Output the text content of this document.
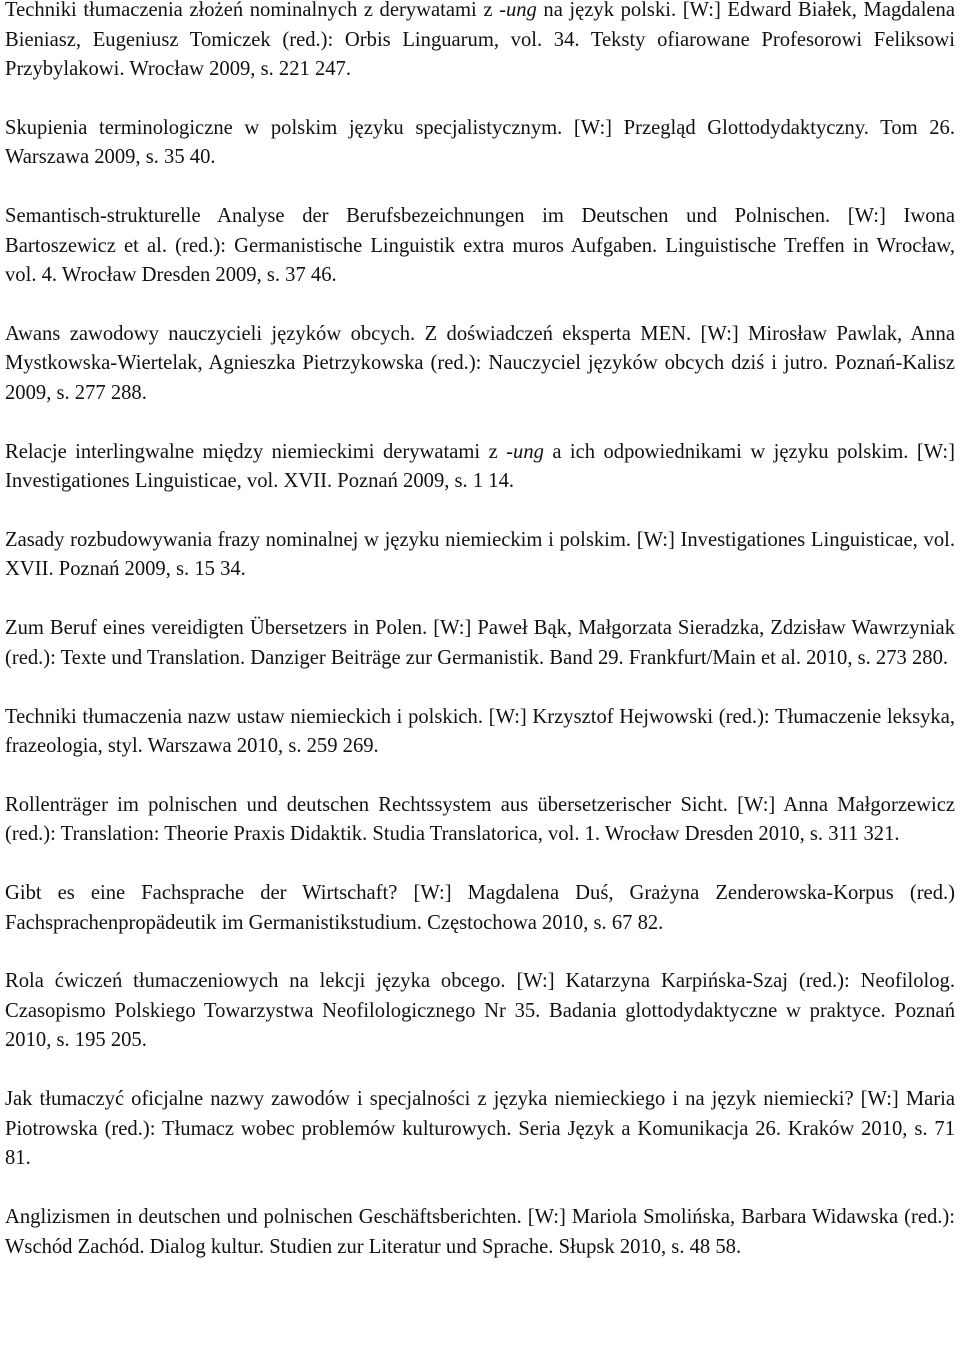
Techniki tłumaczenia złożeń nominalnych z derywatami z -ung na język polski. [W:] Edward Białek, Magdalena Bieniasz, Eugeniusz Tomiczek (red.): Orbis Linguarum, vol. 34. Teksty ofiarowane Profesorowi Feliksowi Przybylakowi. Wrocław 2009, s. 221 247.

Skupienia terminologiczne w polskim języku specjalistycznym. [W:] Przegląd Glottodydaktyczny. Tom 26. Warszawa 2009, s. 35 40.

Semantisch-strukturelle Analyse der Berufsbezeichnungen im Deutschen und Polnischen. [W:] Iwona Bartoszewicz et al. (red.): Germanistische Linguistik extra muros Aufgaben. Linguistische Treffen in Wrocław, vol. 4. Wrocław Dresden 2009, s. 37 46.

Awans zawodowy nauczycieli języków obcych. Z doświadczeń eksperta MEN. [W:] Mirosław Pawlak, Anna Mystkowska-Wiertelak, Agnieszka Pietrzykowska (red.): Nauczyciel języków obcych dziś i jutro. Poznań-Kalisz 2009, s. 277 288.

Relacje interlingwalne między niemieckimi derywatami z -ung a ich odpowiednikami w języku polskim. [W:] Investigationes Linguisticae, vol. XVII. Poznań 2009, s. 1 14.

Zasady rozbudowywania frazy nominalnej w języku niemieckim i polskim. [W:] Investigationes Linguisticae, vol. XVII. Poznań 2009, s. 15 34.

Zum Beruf eines vereidigten Übersetzers in Polen. [W:] Paweł Bąk, Małgorzata Sieradzka, Zdzisław Wawrzyniak (red.): Texte und Translation. Danziger Beiträge zur Germanistik. Band 29. Frankfurt/Main et al. 2010, s. 273 280.

Techniki tłumaczenia nazw ustaw niemieckich i polskich. [W:] Krzysztof Hejwowski (red.): Tłumaczenie leksyka, frazeologia, styl. Warszawa 2010, s. 259 269.

Rollenträger im polnischen und deutschen Rechtssystem aus übersetzerischer Sicht. [W:] Anna Małgorzewicz (red.): Translation: Theorie Praxis Didaktik. Studia Translatorica, vol. 1. Wrocław Dresden 2010, s. 311 321.

Gibt es eine Fachsprache der Wirtschaft? [W:] Magdalena Duś, Grażyna Zenderowska-Korpus (red.) Fachsprachenpropädeutik im Germanistikstudium. Częstochowa 2010, s. 67 82.

Rola ćwiczeń tłumaczeniowych na lekcji języka obcego. [W:] Katarzyna Karpińska-Szaj (red.): Neofilolog. Czasopismo Polskiego Towarzystwa Neofilologicznego Nr 35. Badania glottodydaktyczne w praktyce. Poznań 2010, s. 195 205.

Jak tłumaczyć oficjalne nazwy zawodów i specjalności z języka niemieckiego i na język niemiecki? [W:] Maria Piotrowska (red.): Tłumacz wobec problemów kulturowych. Seria Język a Komunikacja 26. Kraków 2010, s. 71 81.

Anglizismen in deutschen und polnischen Geschäftsberichten. [W:] Mariola Smolińska, Barbara Widawska (red.): Wschód Zachód. Dialog kultur. Studien zur Literatur und Sprache. Słupsk 2010, s. 48 58.
